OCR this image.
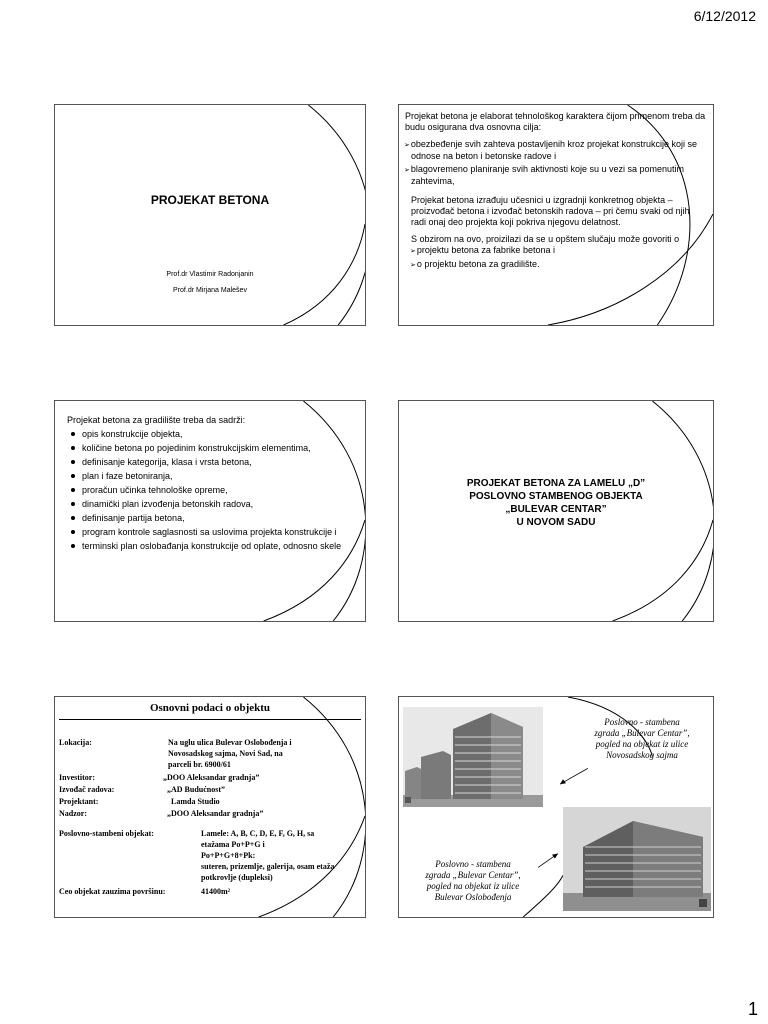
6/12/2012
PROJEKAT BETONA
Prof.dr Vlastimir Radonjanin
Prof.dr Mirjana Malešev

Projekat betona je elaborat tehnološkog karaktera čijom primenom treba da budu osigurana dva osnovna cilja:

➢ obezbeđenje svih zahteva postavljenih kroz projekat konstrukcije koji se odnose na beton i betonske radove i
➢ blagovremeno planiranje svih aktivnosti koje su u vezi sa pomenutim zahtevima,

Projekat betona izrađuju učesnici u izgradnji konkretnog objekta – proizvođač betona i izvođač betonskih radova – pri čemu svaki od njih radi onaj deo projekta koji pokriva njegovu delatnost.

S obzirom na ovo, proizilazi da se u opštem slučaju može govoriti o
➢ projektu betona za fabrike betona i
➢ o projektu betona za gradilište.
Projekat betona za gradilište treba da sadrži:
opis konstrukcije objekta,
količine betona po pojedinim konstrukcijskim elementima,
definisanje kategorija, klasa i vrsta betona,
plan i faze betoniranja,
proračun učinka tehnološke opreme,
dinamički plan izvođenja betonskih radova,
definisanje partija betona,
program kontrole saglasnosti sa uslovima projekta konstrukcije i
terminski plan oslobađanja konstrukcije od oplate, odnosno skele
PROJEKAT BETONA ZA LAMELU „D”
POSLOVNO STAMBENOG OBJEKTA
„BULEVAR CENTAR”
U NOVOM SADU
Osnovni podaci o objektu
Lokacija:	Na uglu ulica Bulevar Oslobođenja i
Novosadskog sajma, Novi Sad, na
parceli br. 6900/61
Investitor:	„DOO Aleksandar gradnja”
Izvođač radova:	„AD Budućnost”
Projektant:	Lamda Studio
Nadzor:	„DOO Aleksandar gradnja”
Poslovno-stambeni objekat:	Lamele: A, B, C, D, E, F, G, H, sa
etažama Po+P+G i
Po+P+G+8+Pk:
suteren, prizemlje, galerija, osam etaža
potkrovlje (dupleksi)
Ceo objekat zauzima površinu:	41400m²
Poslovno - stambena
zgrada „Bulevar Centar”,
pogled na objekat iz ulice
Novosadskog sajma
Poslovno - stambena
zgrada „Bulevar Centar”,
pogled na objekat iz ulice
Bulevar Oslobođenja
1
